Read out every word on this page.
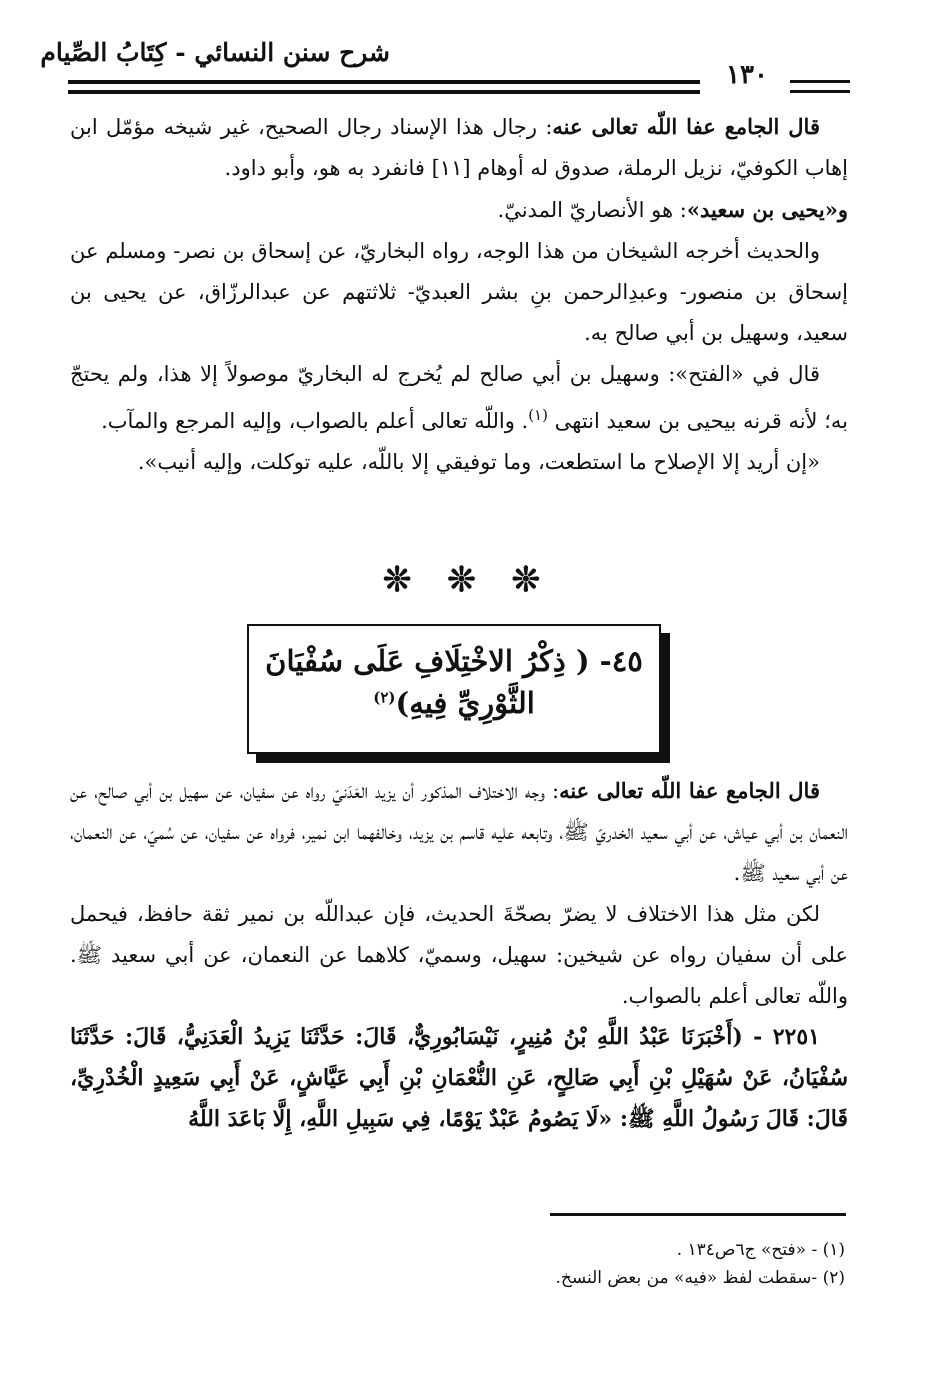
شرح سنن النسائي - كِتَابُ الصِّيام
١٣٠

قال الجامع عفا اللّه تعالى عنه: رجال هذا الإسناد رجال الصحيح، غير شيخه مؤمّل ابن إهاب الكوفيّ، نزيل الرملة، صدوق له أوهام [١١] فانفرد به هو، وأبو داود.

و«يحيى بن سعيد»: هو الأنصاريّ المدنيّ.

والحديث أخرجه الشيخان من هذا الوجه، رواه البخاريّ، عن إسحاق بن نصر- ومسلم عن إسحاق بن منصور- وعبدِالرحمن بنِ بشر العبديّ- ثلاثتهم عن عبدالرزّاق، عن يحيى بن سعيد، وسهيل بن أبي صالح به.

قال في «الفتح»: وسهيل بن أبي صالح لم يُخرج له البخاريّ موصولاً إلا هذا، ولم يحتجّ به؛ لأنه قرنه بيحيى بن سعيد انتهى $^{(١)}$. واللّه تعالى أعلم بالصواب، وإليه المرجع والمآب.

«إن أريد إلا الإصلاح ما استطعت، وما توفيقي إلا باللّه، عليه توكلت، وإليه أنيب».

❊ ❊ ❊
٤٥- ( ذِكْرُ الاخْتِلَافِ عَلَى سُفْيَانَ
الثَّوْرِيِّ فِيهِ)$^{(٢)}$

قال الجامع عفا اللّه تعالى عنه: وجه الاختلاف المذكور أن يزيد العَدَنيّ رواه عن سفيان، عن سهيل بن أبي صالح، عن النعمان بن أبي عياش، عن أبي سعيد الخدريّ ﷺ، وتابعه عليه قاسم بن يزيد، وخالفهما ابن نمير، فرواه عن سفيان، عن سُميّ، عن النعمان، عن أبي سعيد ﷺ.

لكن مثل هذا الاختلاف لا يضرّ بصحّةَ الحديث، فإن عبداللّه بن نمير ثقة حافظ، فيحمل على أن سفيان رواه عن شيخين: سهيل، وسميّ، كلاهما عن النعمان، عن أبي سعيد ﷺ. واللّه تعالى أعلم بالصواب.

٢٢٥١ - (أَخْبَرَنَا عَبْدُ اللَّهِ بْنُ مُنِيرٍ، نَيْسَابُورِيٌّ، قَالَ: حَدَّثَنَا يَزِيدُ الْعَدَنِيُّ، قَالَ: حَدَّثَنَا سُفْيَانُ، عَنْ سُهَيْلِ بْنِ أَبِي صَالِحٍ، عَنِ النُّعْمَانِ بْنِ أَبِي عَيَّاشٍ، عَنْ أَبِي سَعِيدٍ الْخُدْرِيِّ، قَالَ: قَالَ رَسُولُ اللَّهِ ﷺ: «لَا يَصُومُ عَبْدٌ يَوْمًا، فِي سَبِيلِ اللَّهِ، إِلَّا بَاعَدَ اللَّهُ

(١) - «فتح» ج٦ص١٣٤ .

(٢) -سقطت لفظ «فيه» من بعض النسخ.
